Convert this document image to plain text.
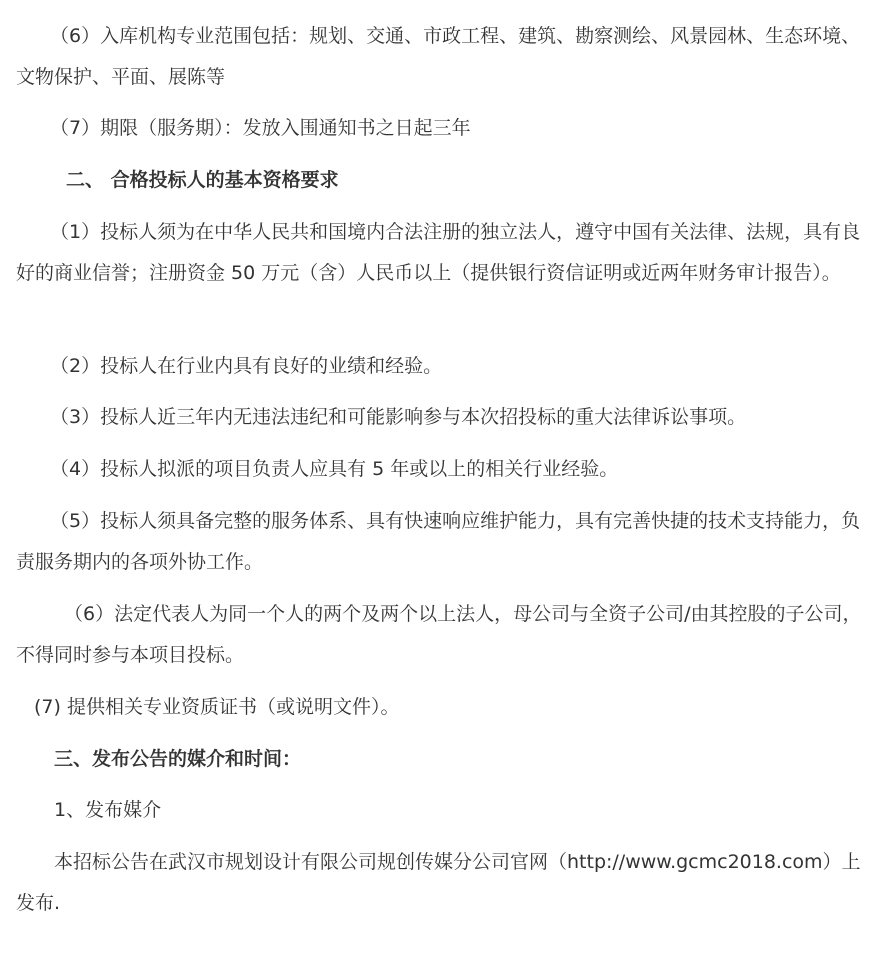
（6）入库机构专业范围包括：规划、交通、市政工程、建筑、勘察测绘、风景园林、生态环境、文物保护、平面、展陈等

（7）期限（服务期）：发放入围通知书之日起三年

二、 合格投标人的基本资格要求

（1）投标人须为在中华人民共和国境内合法注册的独立法人，遵守中国有关法律、法规，具有良好的商业信誉；注册资金 50 万元（含）人民币以上（提供银行资信证明或近两年财务审计报告）。

（2）投标人在行业内具有良好的业绩和经验。

（3）投标人近三年内无违法违纪和可能影响参与本次招投标的重大法律诉讼事项。

（4）投标人拟派的项目负责人应具有 5 年或以上的相关行业经验。

（5）投标人须具备完整的服务体系、具有快速响应维护能力，具有完善快捷的技术支持能力，负责服务期内的各项外协工作。

（6）法定代表人为同一个人的两个及两个以上法人，母公司与全资子公司/由其控股的子公司，不得同时参与本项目投标。

(7) 提供相关专业资质证书（或说明文件）。

三、发布公告的媒介和时间：

1、发布媒介

本招标公告在武汉市规划设计有限公司规创传媒分公司官网（http://www.gcmc2018.com）上发布.
